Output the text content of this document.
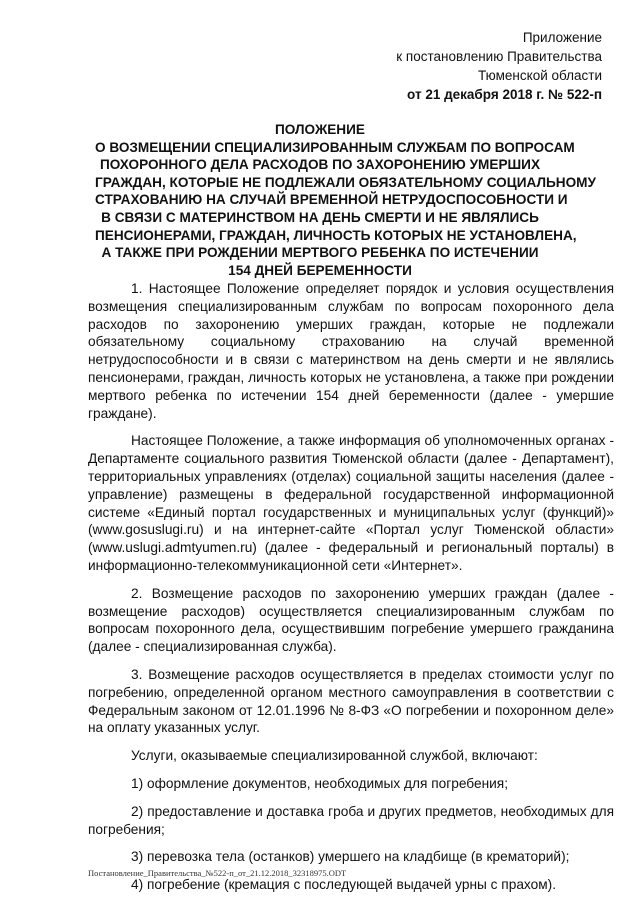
Приложение
к постановлению Правительства
Тюменской области
от 21 декабря 2018 г. № 522-п
ПОЛОЖЕНИЕ
О ВОЗМЕЩЕНИИ СПЕЦИАЛИЗИРОВАННЫМ СЛУЖБАМ ПО ВОПРОСАМ
ПОХОРОННОГО ДЕЛА РАСХОДОВ ПО ЗАХОРОНЕНИЮ УМЕРШИХ
ГРАЖДАН, КОТОРЫЕ НЕ ПОДЛЕЖАЛИ ОБЯЗАТЕЛЬНОМУ СОЦИАЛЬНОМУ
СТРАХОВАНИЮ НА СЛУЧАЙ ВРЕМЕННОЙ НЕТРУДОСПОСОБНОСТИ И
В СВЯЗИ С МАТЕРИНСТВОМ НА ДЕНЬ СМЕРТИ И НЕ ЯВЛЯЛИСЬ
ПЕНСИОНЕРАМИ, ГРАЖДАН, ЛИЧНОСТЬ КОТОРЫХ НЕ УСТАНОВЛЕНА,
А ТАКЖЕ ПРИ РОЖДЕНИИ МЕРТВОГО РЕБЕНКА ПО ИСТЕЧЕНИИ
154 ДНЕЙ БЕРЕМЕННОСТИ

1. Настоящее Положение определяет порядок и условия осуществления возмещения специализированным службам по вопросам похоронного дела расходов по захоронению умерших граждан, которые не подлежали обязательному социальному страхованию на случай временной нетрудоспособности и в связи с материнством на день смерти и не являлись пенсионерами, граждан, личность которых не установлена, а также при рождении мертвого ребенка по истечении 154 дней беременности (далее - умершие граждане).

Настоящее Положение, а также информация об уполномоченных органах - Департаменте социального развития Тюменской области (далее - Департамент), территориальных управлениях (отделах) социальной защиты населения (далее - управление) размещены в федеральной государственной информационной системе «Единый портал государственных и муниципальных услуг (функций)» (www.gosuslugi.ru) и на интернет-сайте «Портал услуг Тюменской области» (www.uslugi.admtyumen.ru) (далее - федеральный и региональный порталы) в информационно-телекоммуникационной сети «Интернет».

2. Возмещение расходов по захоронению умерших граждан (далее - возмещение расходов) осуществляется специализированным службам по вопросам похоронного дела, осуществившим погребение умершего гражданина (далее - специализированная служба).

3. Возмещение расходов осуществляется в пределах стоимости услуг по погребению, определенной органом местного самоуправления в соответствии с Федеральным законом от 12.01.1996 № 8-ФЗ «О погребении и похоронном деле» на оплату указанных услуг.

Услуги, оказываемые специализированной службой, включают:

1) оформление документов, необходимых для погребения;

2) предоставление и доставка гроба и других предметов, необходимых для погребения;

3) перевозка тела (останков) умершего на кладбище (в крематорий);

4) погребение (кремация с последующей выдачей урны с прахом).

Постановление_Правительства_№522-п_от_21.12.2018_32318975.ODT
